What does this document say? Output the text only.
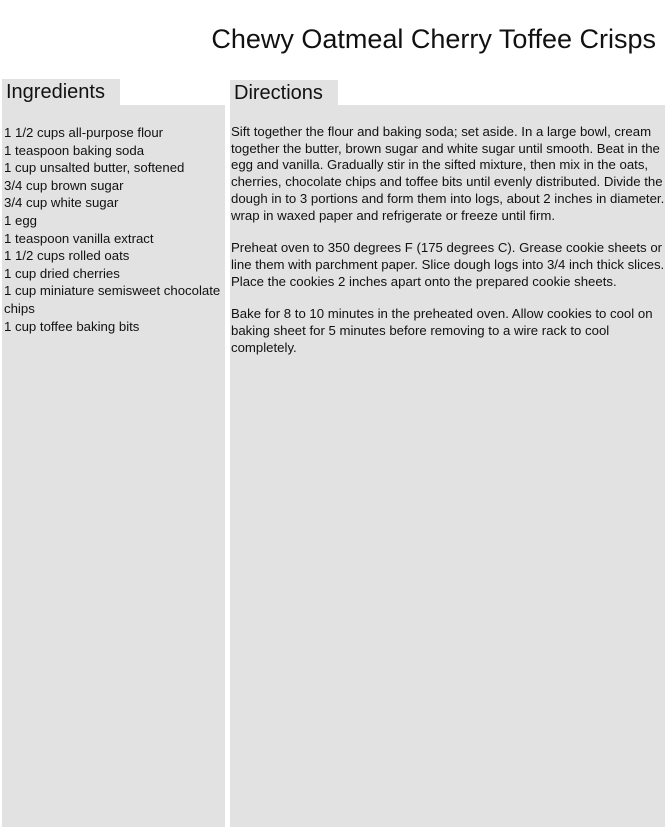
Chewy Oatmeal Cherry Toffee Crisps
Ingredients
1 1/2 cups all-purpose flour
1 teaspoon baking soda
1 cup unsalted butter, softened
3/4 cup brown sugar
3/4 cup white sugar
1 egg
1 teaspoon vanilla extract
1 1/2 cups rolled oats
1 cup dried cherries
1 cup miniature semisweet chocolate chips
1 cup toffee baking bits
Directions

Sift together the flour and baking soda; set aside. In a large bowl, cream together the butter, brown sugar and white sugar until smooth. Beat in the egg and vanilla. Gradually stir in the sifted mixture, then mix in the oats, cherries, chocolate chips and toffee bits until evenly distributed. Divide the dough in to 3 portions and form them into logs, about 2 inches in diameter. wrap in waxed paper and refrigerate or freeze until firm.

Preheat oven to 350 degrees F (175 degrees C). Grease cookie sheets or line them with parchment paper. Slice dough logs into 3/4 inch thick slices. Place the cookies 2 inches apart onto the prepared cookie sheets.

Bake for 8 to 10 minutes in the preheated oven. Allow cookies to cool on baking sheet for 5 minutes before removing to a wire rack to cool completely.
